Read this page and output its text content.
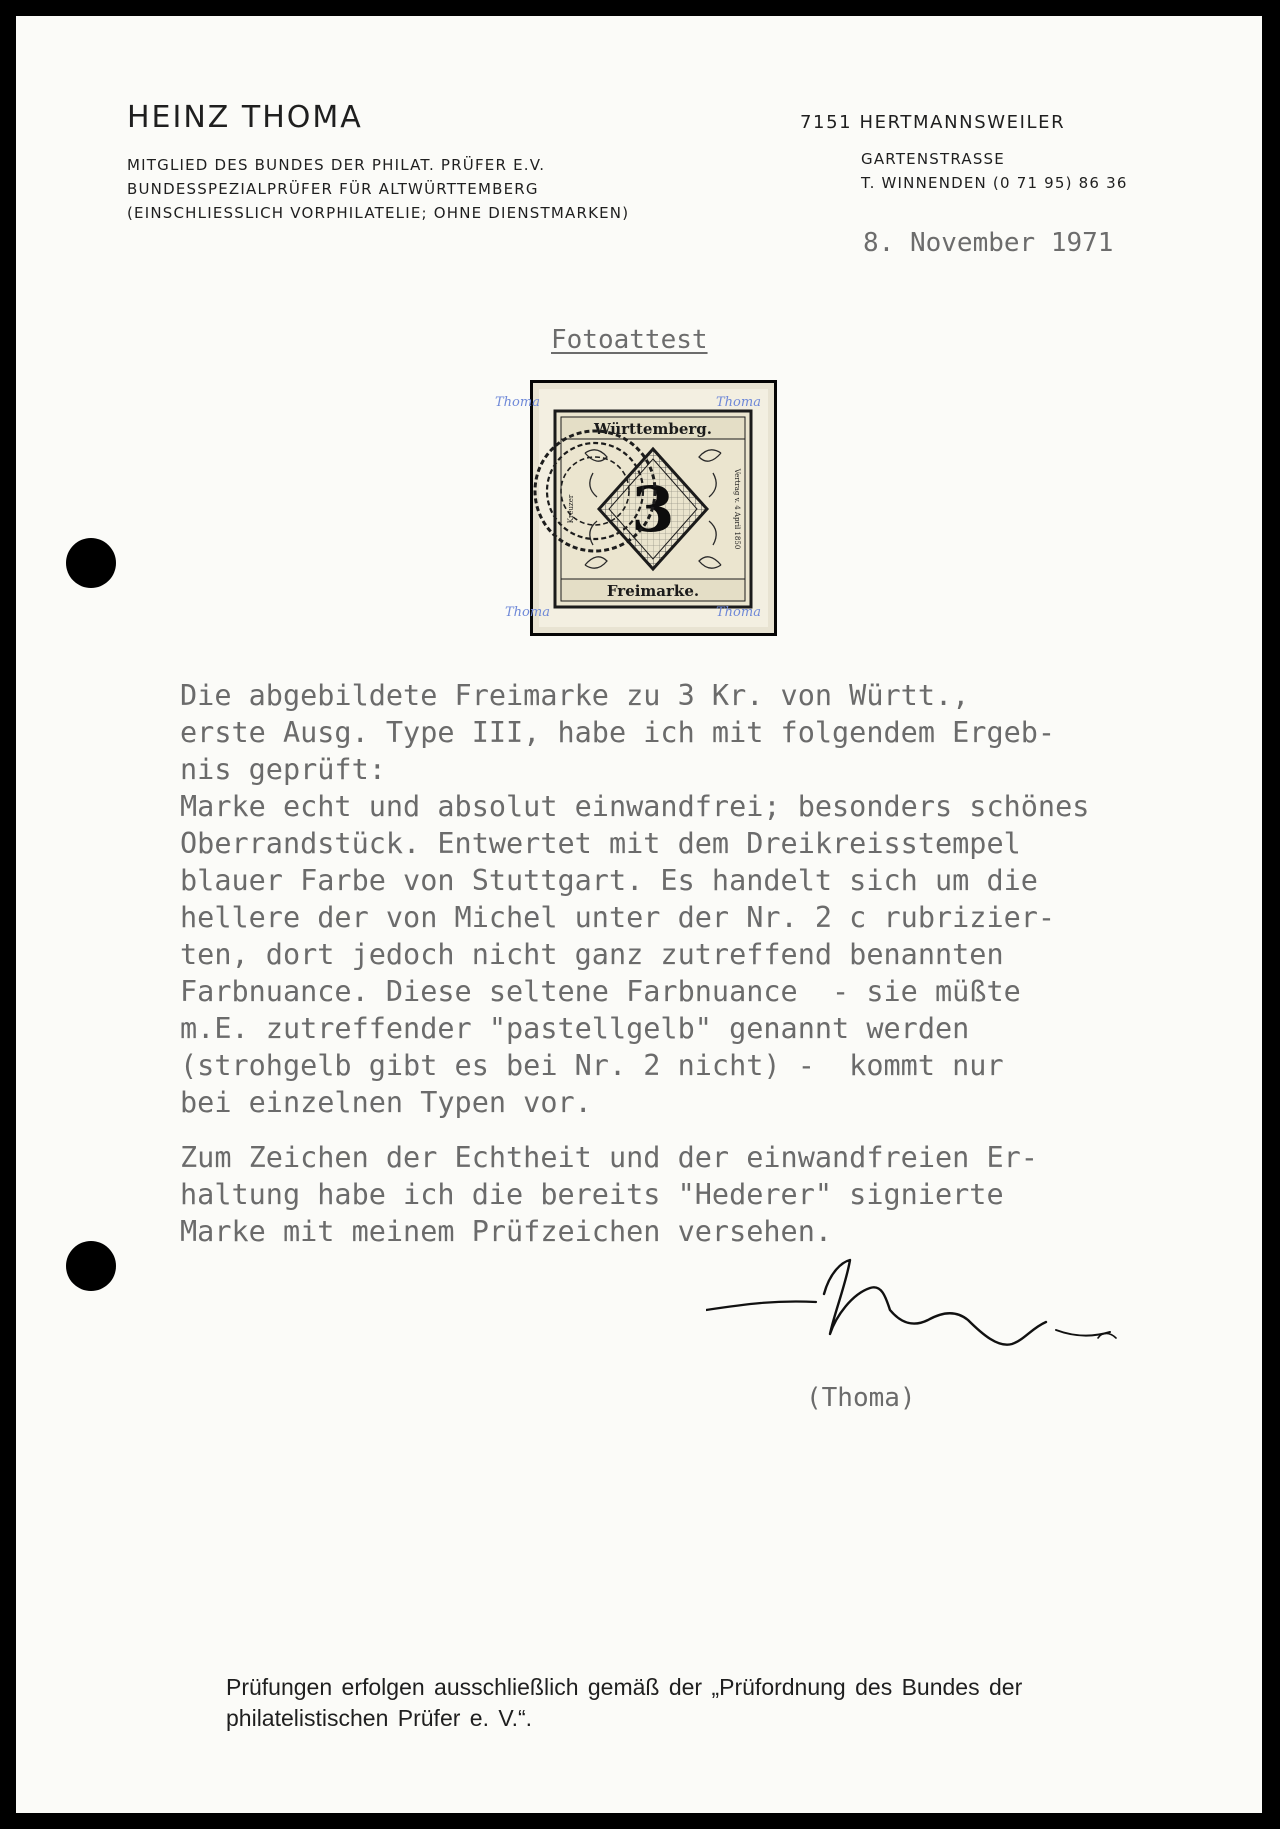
HEINZ THOMA
MITGLIED DES BUNDES DER PHILAT. PRÜFER E.V.
BUNDESSPEZIALPRÜFER FÜR ALTWÜRTTEMBERG
(EINSCHLIESSLICH VORPHILATELIE; OHNE DIENSTMARKEN)
7151 HERTMANNSWEILER
GARTENSTRASSE
T. WINNENDEN (0 71 95) 86 36
8. November 1971
Fotoattest
Württemberg.
Freimarke.
Kreuzer	Vertrag v. 4 April 1850
3
Thoma	Thoma
Thoma	Thoma

Die abgebildete Freimarke zu 3 Kr. von Württ.,
erste Ausg. Type III, habe ich mit folgendem Ergeb-
nis geprüft:
Marke echt und absolut einwandfrei; besonders schönes
Oberrandstück. Entwertet mit dem Dreikreisstempel
blauer Farbe von Stuttgart. Es handelt sich um die
hellere der von Michel unter der Nr. 2 c rubrizier-
ten, dort jedoch nicht ganz zutreffend benannten
Farbnuance. Diese seltene Farbnuance  - sie müßte
m.E. zutreffender "pastellgelb" genannt werden
(strohgelb gibt es bei Nr. 2 nicht) -  kommt nur
bei einzelnen Typen vor.

Zum Zeichen der Echtheit und der einwandfreien Er-
haltung habe ich die bereits "Hederer" signierte
Marke mit meinem Prüfzeichen versehen.

(Thoma)
Prüfungen erfolgen ausschließlich gemäß der „Prüfordnung des Bundes der philatelistischen Prüfer e. V.“.
